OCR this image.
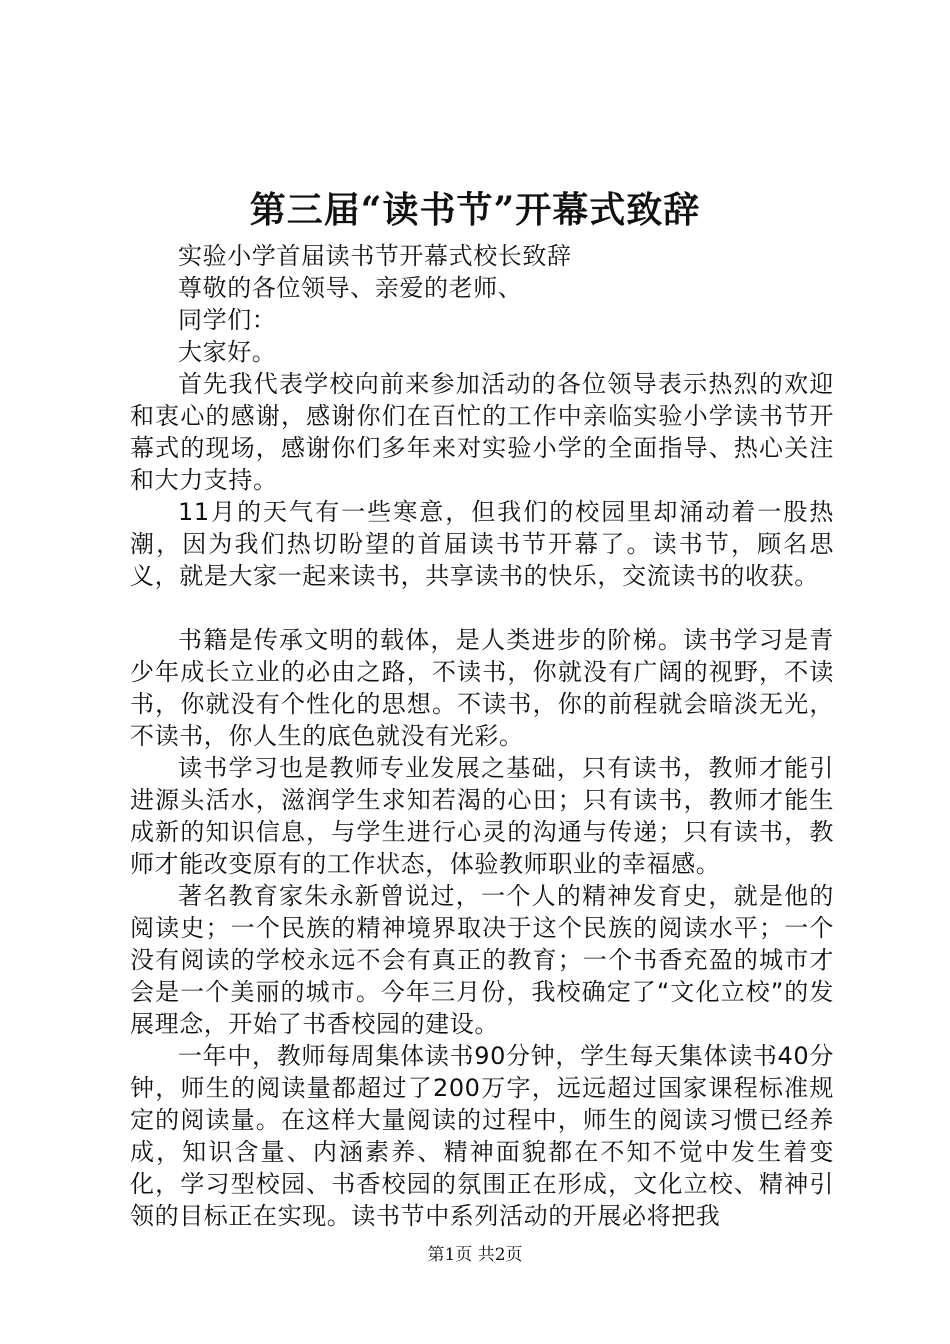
第三届“读书节”开幕式致辞

实验小学首届读书节开幕式校长致辞

尊敬的各位领导、亲爱的老师、

同学们：

大家好。

首先我代表学校向前来参加活动的各位领导表示热烈的欢迎和衷心的感谢，感谢你们在百忙的工作中亲临实验小学读书节开幕式的现场，感谢你们多年来对实验小学的全面指导、热心关注和大力支持。

11月的天气有一些寒意，但我们的校园里却涌动着一股热潮，因为我们热切盼望的首届读书节开幕了。读书节，顾名思义，就是大家一起来读书，共享读书的快乐，交流读书的收获。

书籍是传承文明的载体，是人类进步的阶梯。读书学习是青少年成长立业的必由之路，不读书，你就没有广阔的视野，不读书，你就没有个性化的思想。不读书，你的前程就会暗淡无光，不读书，你人生的底色就没有光彩。

读书学习也是教师专业发展之基础，只有读书，教师才能引进源头活水，滋润学生求知若渴的心田；只有读书，教师才能生成新的知识信息，与学生进行心灵的沟通与传递；只有读书，教师才能改变原有的工作状态，体验教师职业的幸福感。

著名教育家朱永新曾说过，一个人的精神发育史，就是他的阅读史；一个民族的精神境界取决于这个民族的阅读水平；一个没有阅读的学校永远不会有真正的教育；一个书香充盈的城市才会是一个美丽的城市。今年三月份，我校确定了“文化立校”的发展理念，开始了书香校园的建设。

一年中，教师每周集体读书90分钟，学生每天集体读书40分钟，师生的阅读量都超过了200万字，远远超过国家课程标准规定的阅读量。在这样大量阅读的过程中，师生的阅读习惯已经养成，知识含量、内涵素养、精神面貌都在不知不觉中发生着变化，学习型校园、书香校园的氛围正在形成，文化立校、精神引领的目标正在实现。读书节中系列活动的开展必将把我

第1页 共2页
